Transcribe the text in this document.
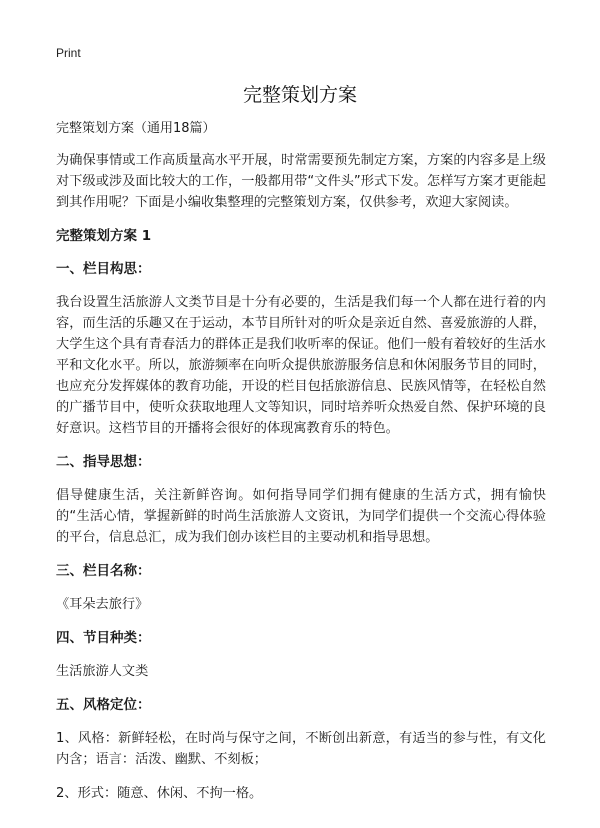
Print
完整策划方案
完整策划方案（通用18篇）

为确保事情或工作高质量高水平开展，时常需要预先制定方案，方案的内容多是上级对下级或涉及面比较大的工作，一般都用带“文件头”形式下发。怎样写方案才更能起到其作用呢？下面是小编收集整理的完整策划方案，仅供参考，欢迎大家阅读。

完整策划方案 1
一、栏目构思：

我台设置生活旅游人文类节目是十分有必要的，生活是我们每一个人都在进行着的内容，而生活的乐趣又在于运动，本节目所针对的听众是亲近自然、喜爱旅游的人群，大学生这个具有青春活力的群体正是我们收听率的保证。他们一般有着较好的生活水平和文化水平。所以，旅游频率在向听众提供旅游服务信息和休闲服务节目的同时，也应充分发挥媒体的教育功能，开设的栏目包括旅游信息、民族风情等，在轻松自然的广播节目中，使听众获取地理人文等知识，同时培养听众热爱自然、保护环境的良好意识。这档节目的开播将会很好的体现寓教育乐的特色。

二、指导思想：

倡导健康生活，关注新鲜咨询。如何指导同学们拥有健康的生活方式，拥有愉快的“生活心情，掌握新鲜的时尚生活旅游人文资讯，为同学们提供一个交流心得体验的平台，信息总汇，成为我们创办该栏目的主要动机和指导思想。

三、栏目名称：

《耳朵去旅行》

四、节目种类：

生活旅游人文类

五、风格定位：

1、风格：新鲜轻松，在时尚与保守之间，不断创出新意，有适当的参与性，有文化内含；语言：活泼、幽默、不刻板；

2、形式：随意、休闲、不拘一格。
